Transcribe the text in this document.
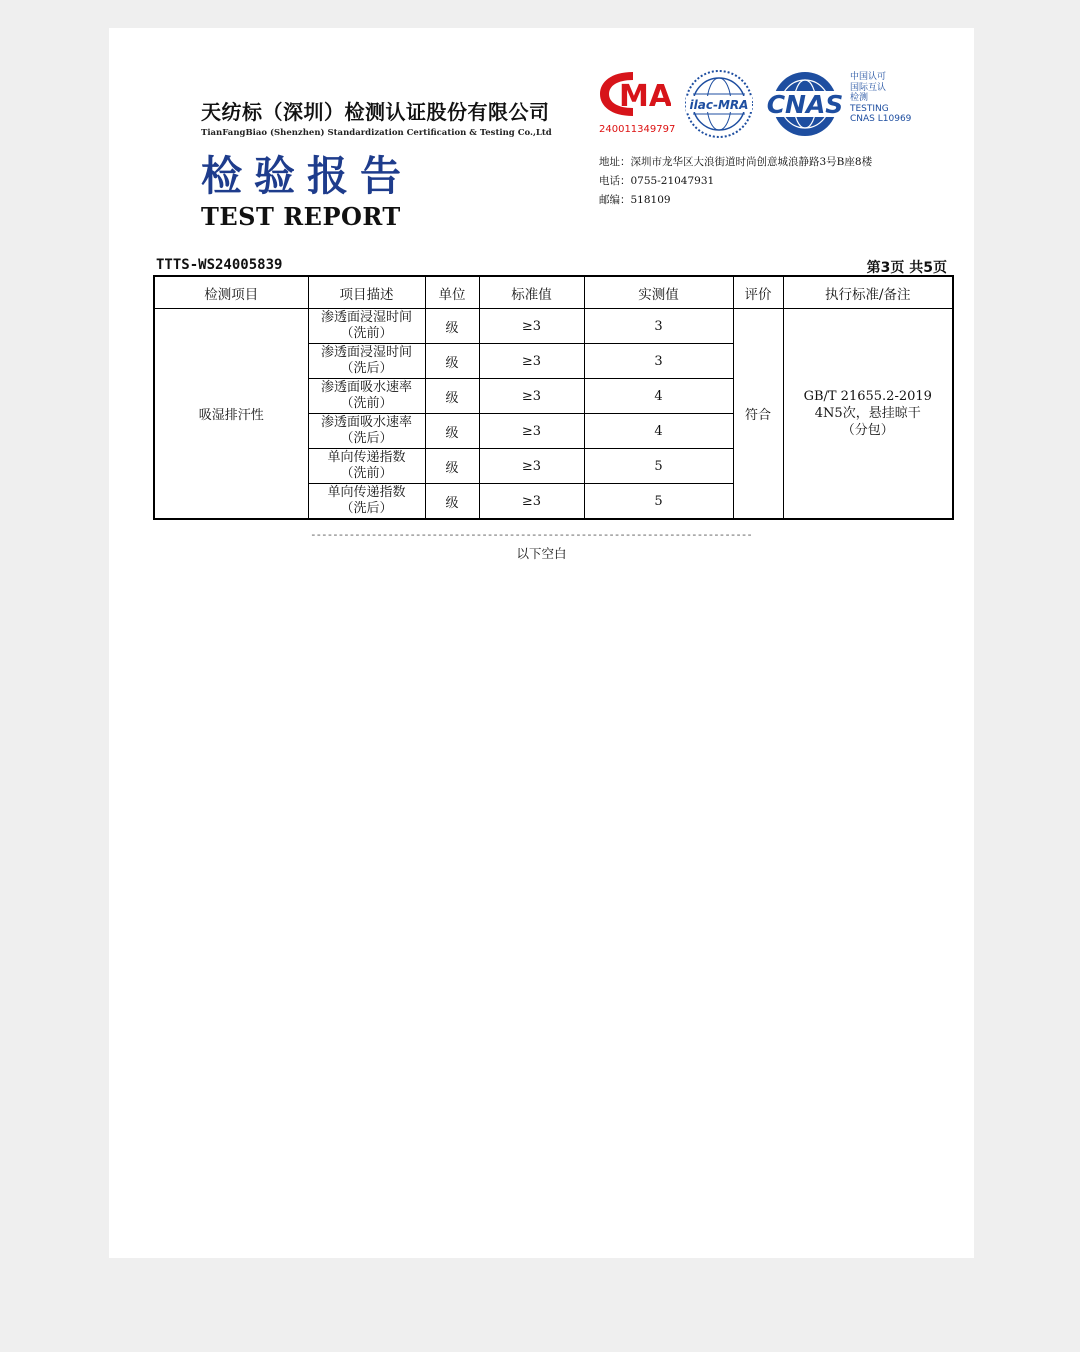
天纺标（深圳）检测认证股份有限公司
TianFangBiao (Shenzhen) Standardization Certification & Testing Co.,Ltd
检验报告
TEST REPORT
MA
240011349797
ilac-MRA CNAS
中国认可
国际互认
检测
TESTING
CNAS L10969
地址：深圳市龙华区大浪街道时尚创意城浪静路3号B座8楼
电话：0755-21047931
邮编：518109
TTTS-WS24005839	第3页 共5页
检测项目	项目描述	单位	标准值	实测值	评价	执行标准/备注
吸湿排汗性	渗透面浸湿时间
（洗前）	级	≥3	3	符合	GB/T 21655.2-2019
4N5次，悬挂晾干
（分包）

	渗透面浸湿时间
（洗后）	级	≥3	3		

	渗透面吸水速率
（洗前）	级	≥3	4		

	渗透面吸水速率
（洗后）	级	≥3	4		

	单向传递指数
（洗前）	级	≥3	5		

	单向传递指数
（洗后）	级	≥3	5		
--------------------------------------------------------------------------------
以下空白
